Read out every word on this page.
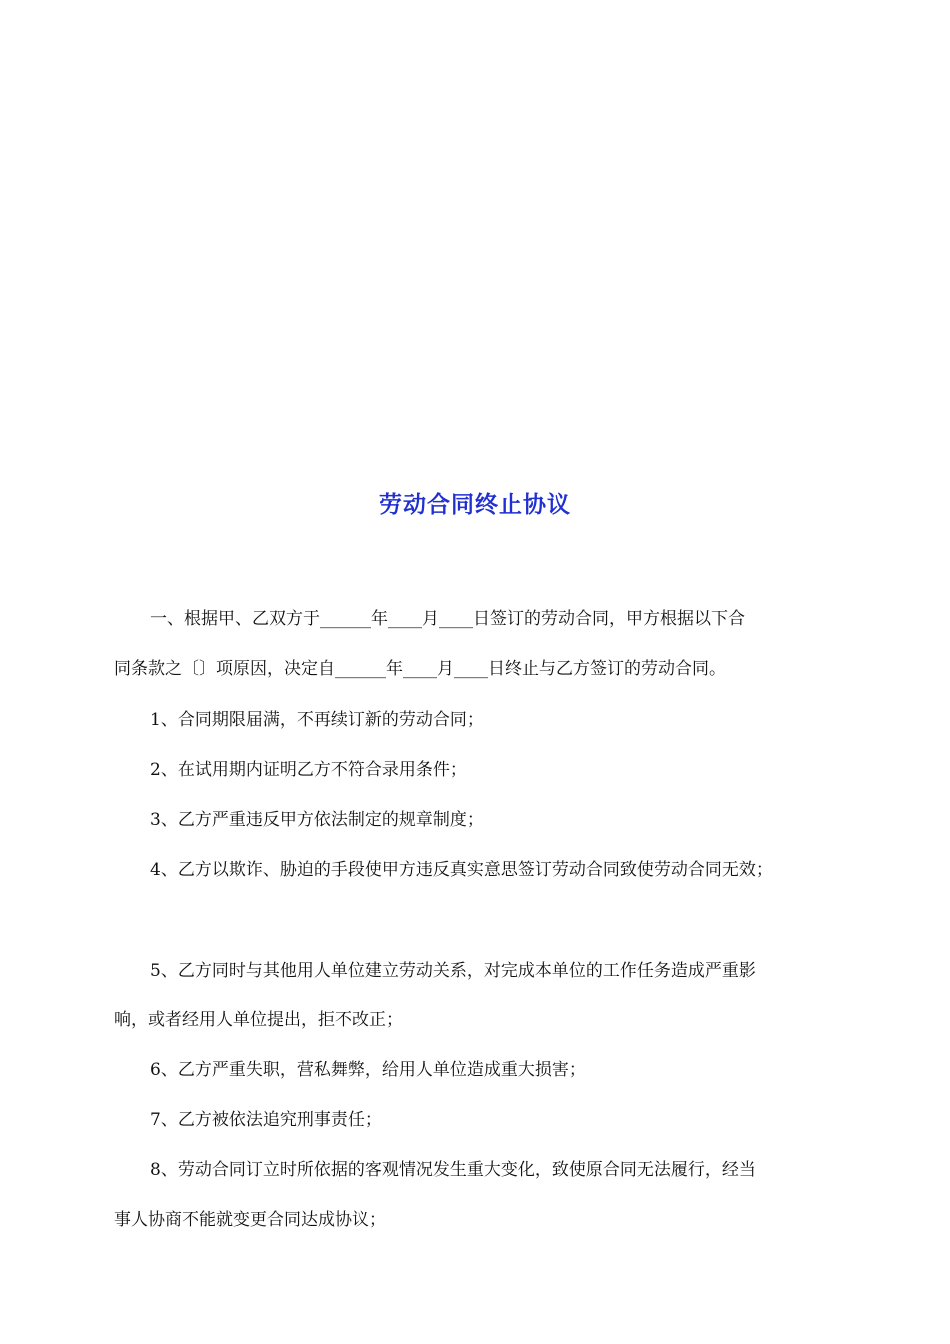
劳动合同终止协议
一、根据甲、乙双方于______年____月____日签订的劳动合同，甲方根据以下合
同条款之〔〕项原因，决定自______年____月____日终止与乙方签订的劳动合同。
1、合同期限届满，不再续订新的劳动合同；
2、在试用期内证明乙方不符合录用条件；
3、乙方严重违反甲方依法制定的规章制度；
4、乙方以欺诈、胁迫的手段使甲方违反真实意思签订劳动合同致使劳动合同无效；
5、乙方同时与其他用人单位建立劳动关系，对完成本单位的工作任务造成严重影
响，或者经用人单位提出，拒不改正；
6、乙方严重失职，营私舞弊，给用人单位造成重大损害；
7、乙方被依法追究刑事责任；
8、劳动合同订立时所依据的客观情况发生重大变化，致使原合同无法履行，经当
事人协商不能就变更合同达成协议；
